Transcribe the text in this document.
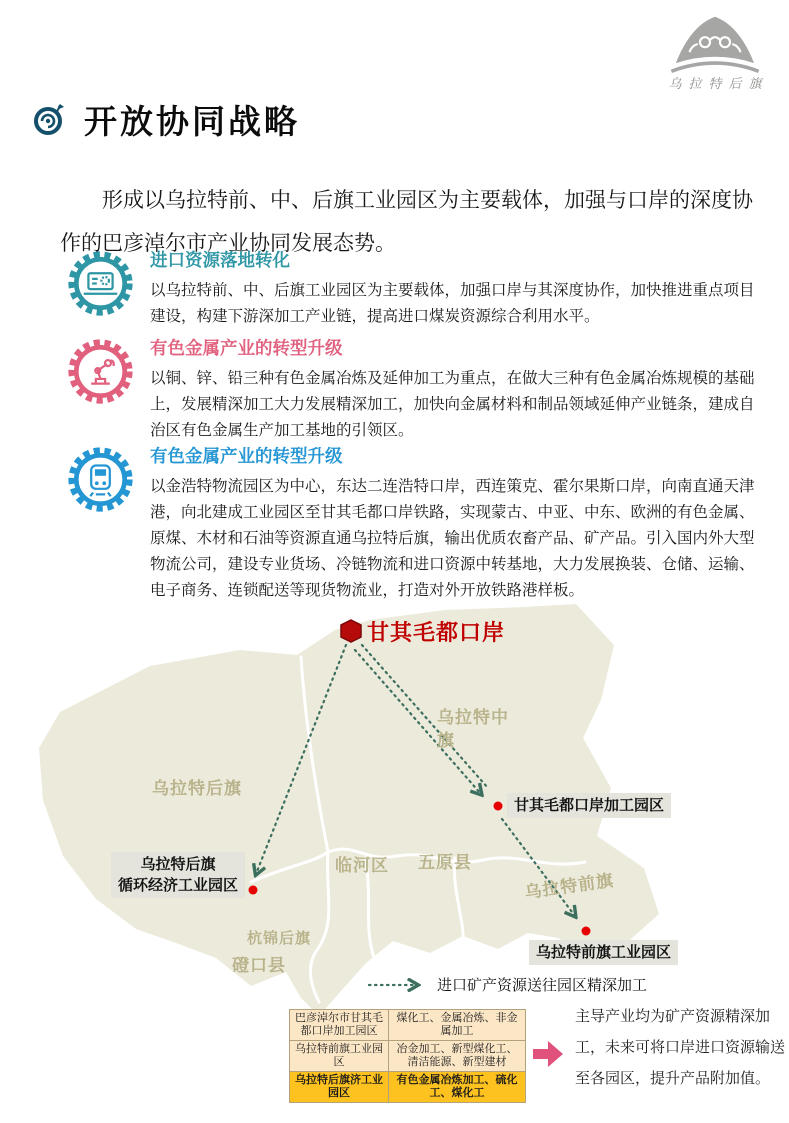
乌拉特后旗
开放协同战略

形成以乌拉特前、中、后旗工业园区为主要载体，加强与口岸的深度协作的巴彦淖尔市产业协同发展态势。

进口资源落地转化

以乌拉特前、中、后旗工业园区为主要载体，加强口岸与其深度协作，加快推进重点项目建设，构建下游深加工产业链，提高进口煤炭资源综合利用水平。

有色金属产业的转型升级

以铜、锌、铅三种有色金属冶炼及延伸加工为重点，在做大三种有色金属冶炼规模的基础上，发展精深加工大力发展精深加工，加快向金属材料和制品领域延伸产业链条，建成自治区有色金属生产加工基地的引领区。

有色金属产业的转型升级

以金浩特物流园区为中心，东达二连浩特口岸，西连策克、霍尔果斯口岸，向南直通天津港，向北建成工业园区至甘其毛都口岸铁路，实现蒙古、中亚、中东、欧洲的有色金属、原煤、木材和石油等资源直通乌拉特后旗，输出优质农畜产品、矿产品。引入国内外大型物流公司，建设专业货场、冷链物流和进口资源中转基地，大力发展换装、仓储、运输、电子商务、连锁配送等现货物流业，打造对外开放铁路港样板。

甘其毛都口岸
乌拉特中旗
乌拉特后旗
临河区 五原县
杭锦后旗
乌拉特前旗
磴口县
甘其毛都口岸加工园区
乌拉特后旗
循环经济工业园区
乌拉特前旗工业园区
进口矿产资源送往园区精深加工
巴彦淖尔市甘其毛都口岸加工园区	煤化工、金属冶炼、非金属加工
乌拉特前旗工业园区	冶金加工、新型煤化工、清洁能源、新型建材
乌拉特后旗济工业园区	有色金属冶炼加工、硫化工、煤化工
主导产业均为矿产资源精深加工，未来可将口岸进口资源输送至各园区，提升产品附加值。
